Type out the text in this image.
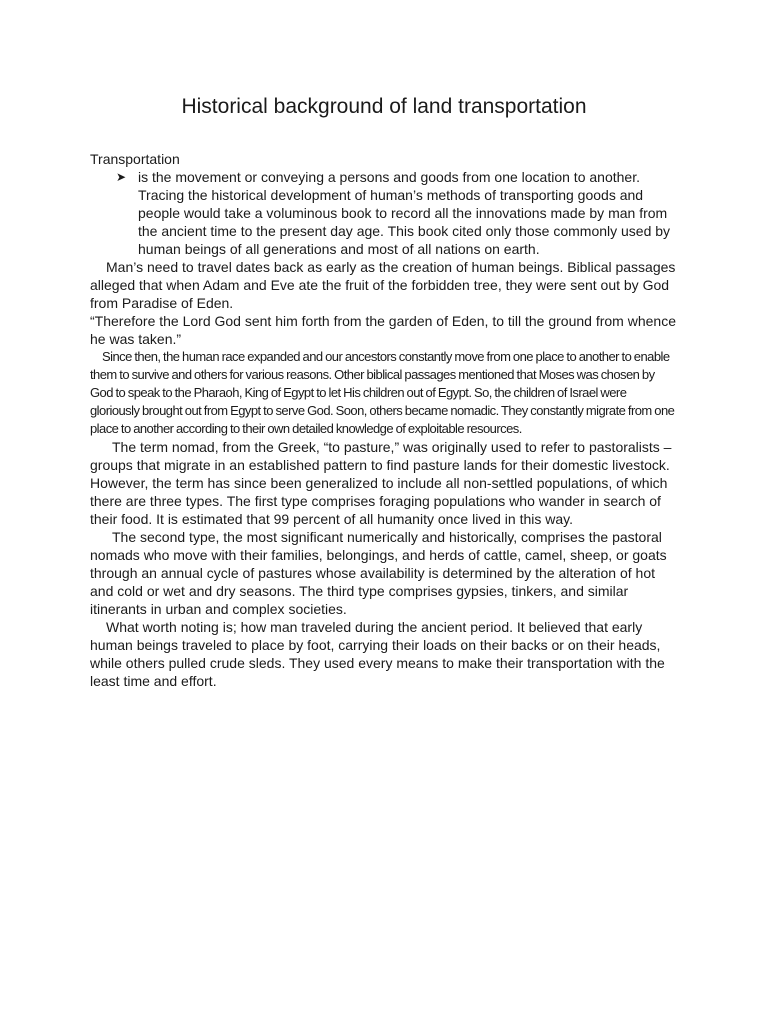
Historical background of land transportation

Transportation

➤ is the movement or conveying a persons and goods from one location to another. Tracing the historical development of human’s methods of transporting goods and people would take a voluminous book to record all the innovations made by man from the ancient time to the present day age. This book cited only those commonly used by human beings of all generations and most of all nations on earth.

Man’s need to travel dates back as early as the creation of human beings. Biblical passages alleged that when Adam and Eve ate the fruit of the forbidden tree, they were sent out by God from Paradise of Eden.

“Therefore the Lord God sent him forth from the garden of Eden, to till the ground from whence he was taken.”

Since then, the human race expanded and our ancestors constantly move from one place to another to enable them to survive and others for various reasons. Other biblical passages mentioned that Moses was chosen by God to speak to the Pharaoh, King of Egypt to let His children out of Egypt. So, the children of Israel were gloriously brought out from Egypt to serve God. Soon, others became nomadic. They constantly migrate from one place to another according to their own detailed knowledge of exploitable resources.

The term nomad, from the Greek, “to pasture,” was originally used to refer to pastoralists –groups that migrate in an established pattern to find pasture lands for their domestic livestock. However, the term has since been generalized to include all non-settled populations, of which there are three types. The first type comprises foraging populations who wander in search of their food. It is estimated that 99 percent of all humanity once lived in this way.

The second type, the most significant numerically and historically, comprises the pastoral nomads who move with their families, belongings, and herds of cattle, camel, sheep, or goats through an annual cycle of pastures whose availability is determined by the alteration of hot and cold or wet and dry seasons. The third type comprises gypsies, tinkers, and similar itinerants in urban and complex societies.

What worth noting is; how man traveled during the ancient period. It believed that early human beings traveled to place by foot, carrying their loads on their backs or on their heads, while others pulled crude sleds. They used every means to make their transportation with the least time and effort.
